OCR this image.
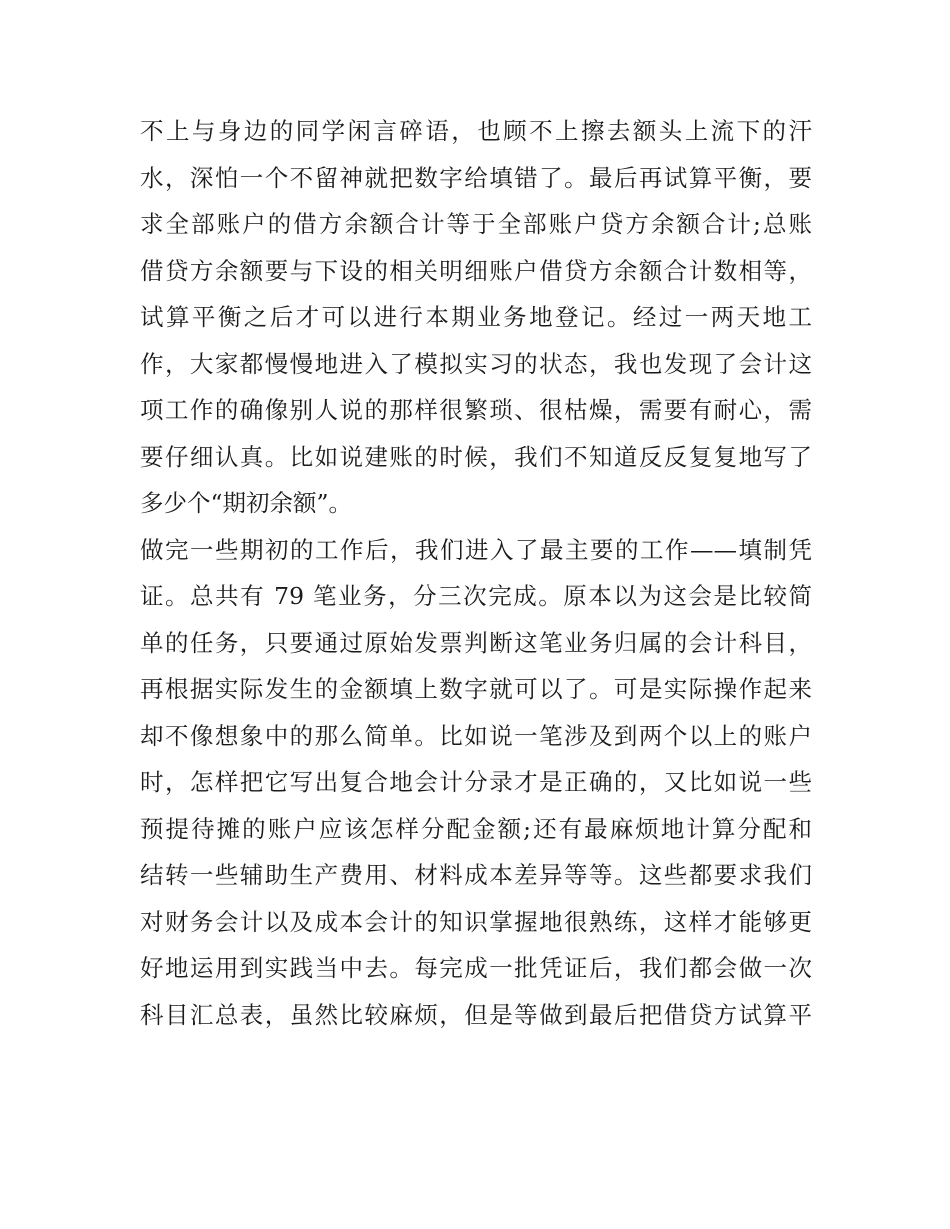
不上与身边的同学闲言碎语，也顾不上擦去额头上流下的汗
水，深怕一个不留神就把数字给填错了。最后再试算平衡，要
求全部账户的借方余额合计等于全部账户贷方余额合计;总账
借贷方余额要与下设的相关明细账户借贷方余额合计数相等，
试算平衡之后才可以进行本期业务地登记。经过一两天地工
作，大家都慢慢地进入了模拟实习的状态，我也发现了会计这
项工作的确像别人说的那样很繁琐、很枯燥，需要有耐心，需
要仔细认真。比如说建账的时候，我们不知道反反复复地写了
多少个“期初余额”。
做完一些期初的工作后，我们进入了最主要的工作——填制凭
证。总共有 79 笔业务，分三次完成。原本以为这会是比较简
单的任务，只要通过原始发票判断这笔业务归属的会计科目，
再根据实际发生的金额填上数字就可以了。可是实际操作起来
却不像想象中的那么简单。比如说一笔涉及到两个以上的账户
时，怎样把它写出复合地会计分录才是正确的，又比如说一些
预提待摊的账户应该怎样分配金额;还有最麻烦地计算分配和
结转一些辅助生产费用、材料成本差异等等。这些都要求我们
对财务会计以及成本会计的知识掌握地很熟练，这样才能够更
好地运用到实践当中去。每完成一批凭证后，我们都会做一次
科目汇总表，虽然比较麻烦，但是等做到最后把借贷方试算平
